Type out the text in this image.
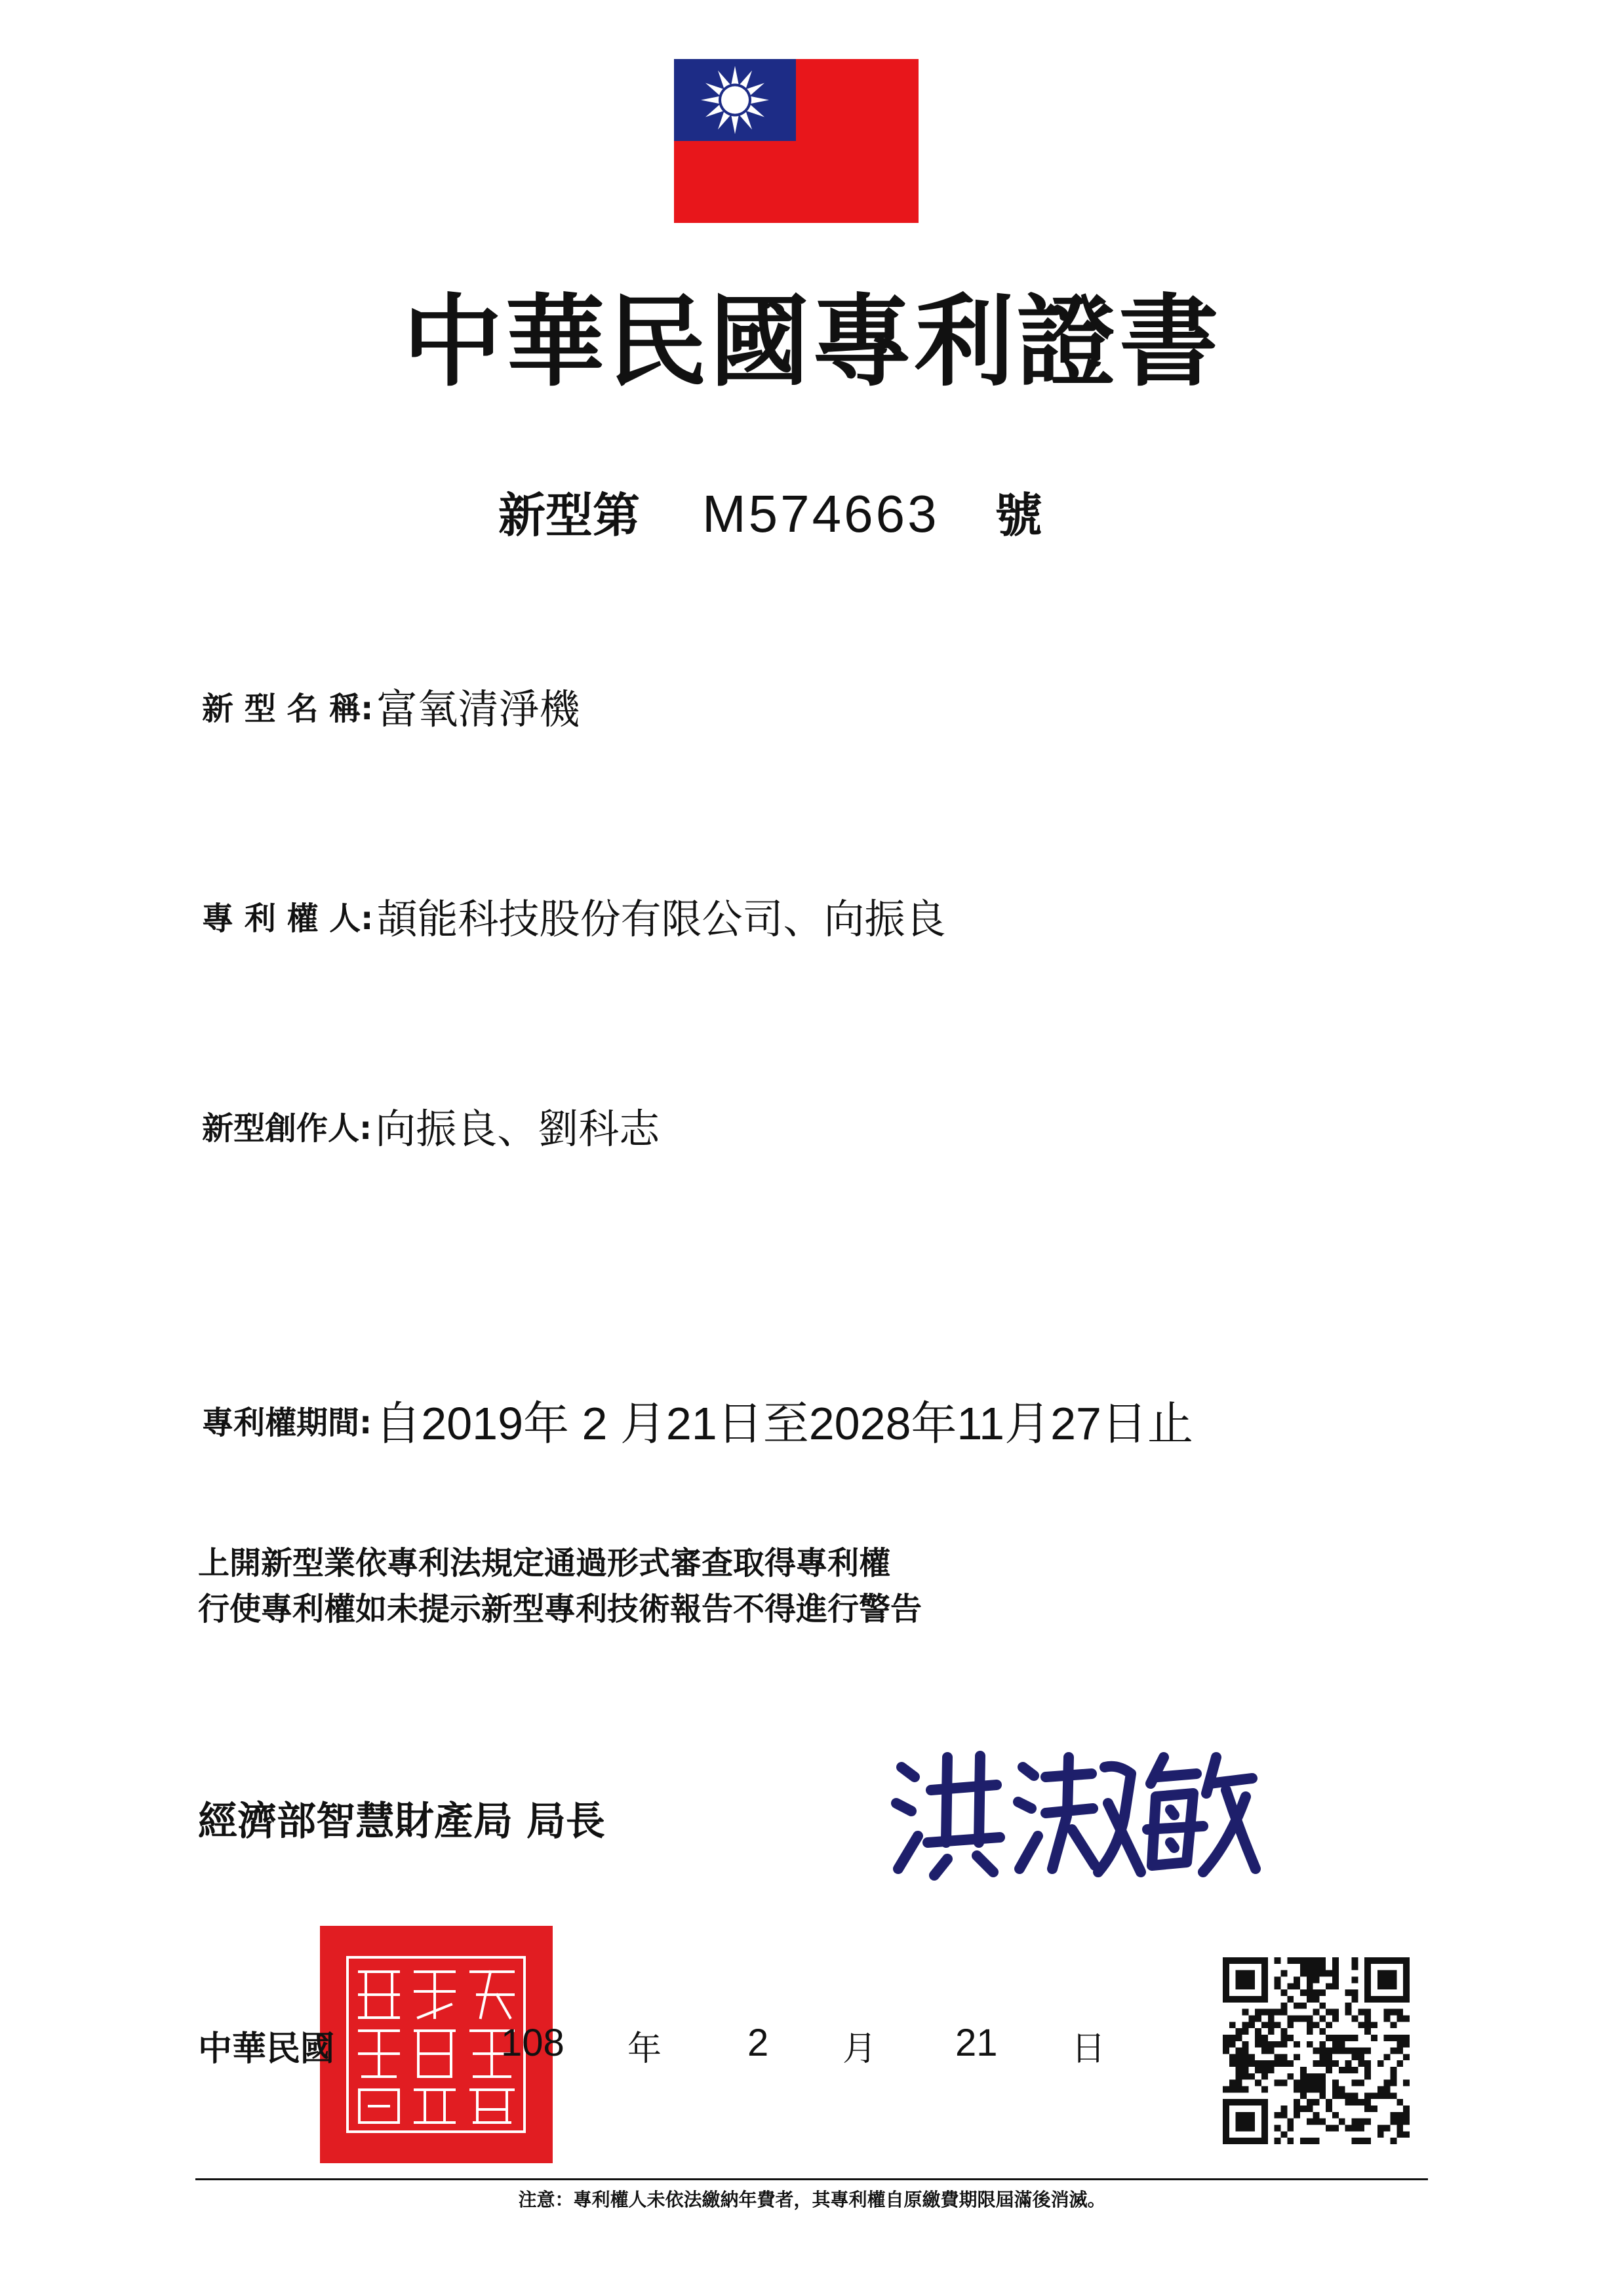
中華民國專利證書
新型第 M574663 號
新 型 名 稱: 富氧清淨機
專 利 權 人: 頡能科技股份有限公司、向振良
新型創作人: 向振良、劉科志
專利權期間: 自2019年 2 月21日至2028年11月27日止
上開新型業依專利法規定通過形式審查取得專利權
行使專利權如未提示新型專利技術報告不得進行警告
經濟部智慧財產局 局長
中華民國	108 年 2 月 21 日
注意：專利權人未依法繳納年費者，其專利權自原繳費期限屆滿後消滅。
